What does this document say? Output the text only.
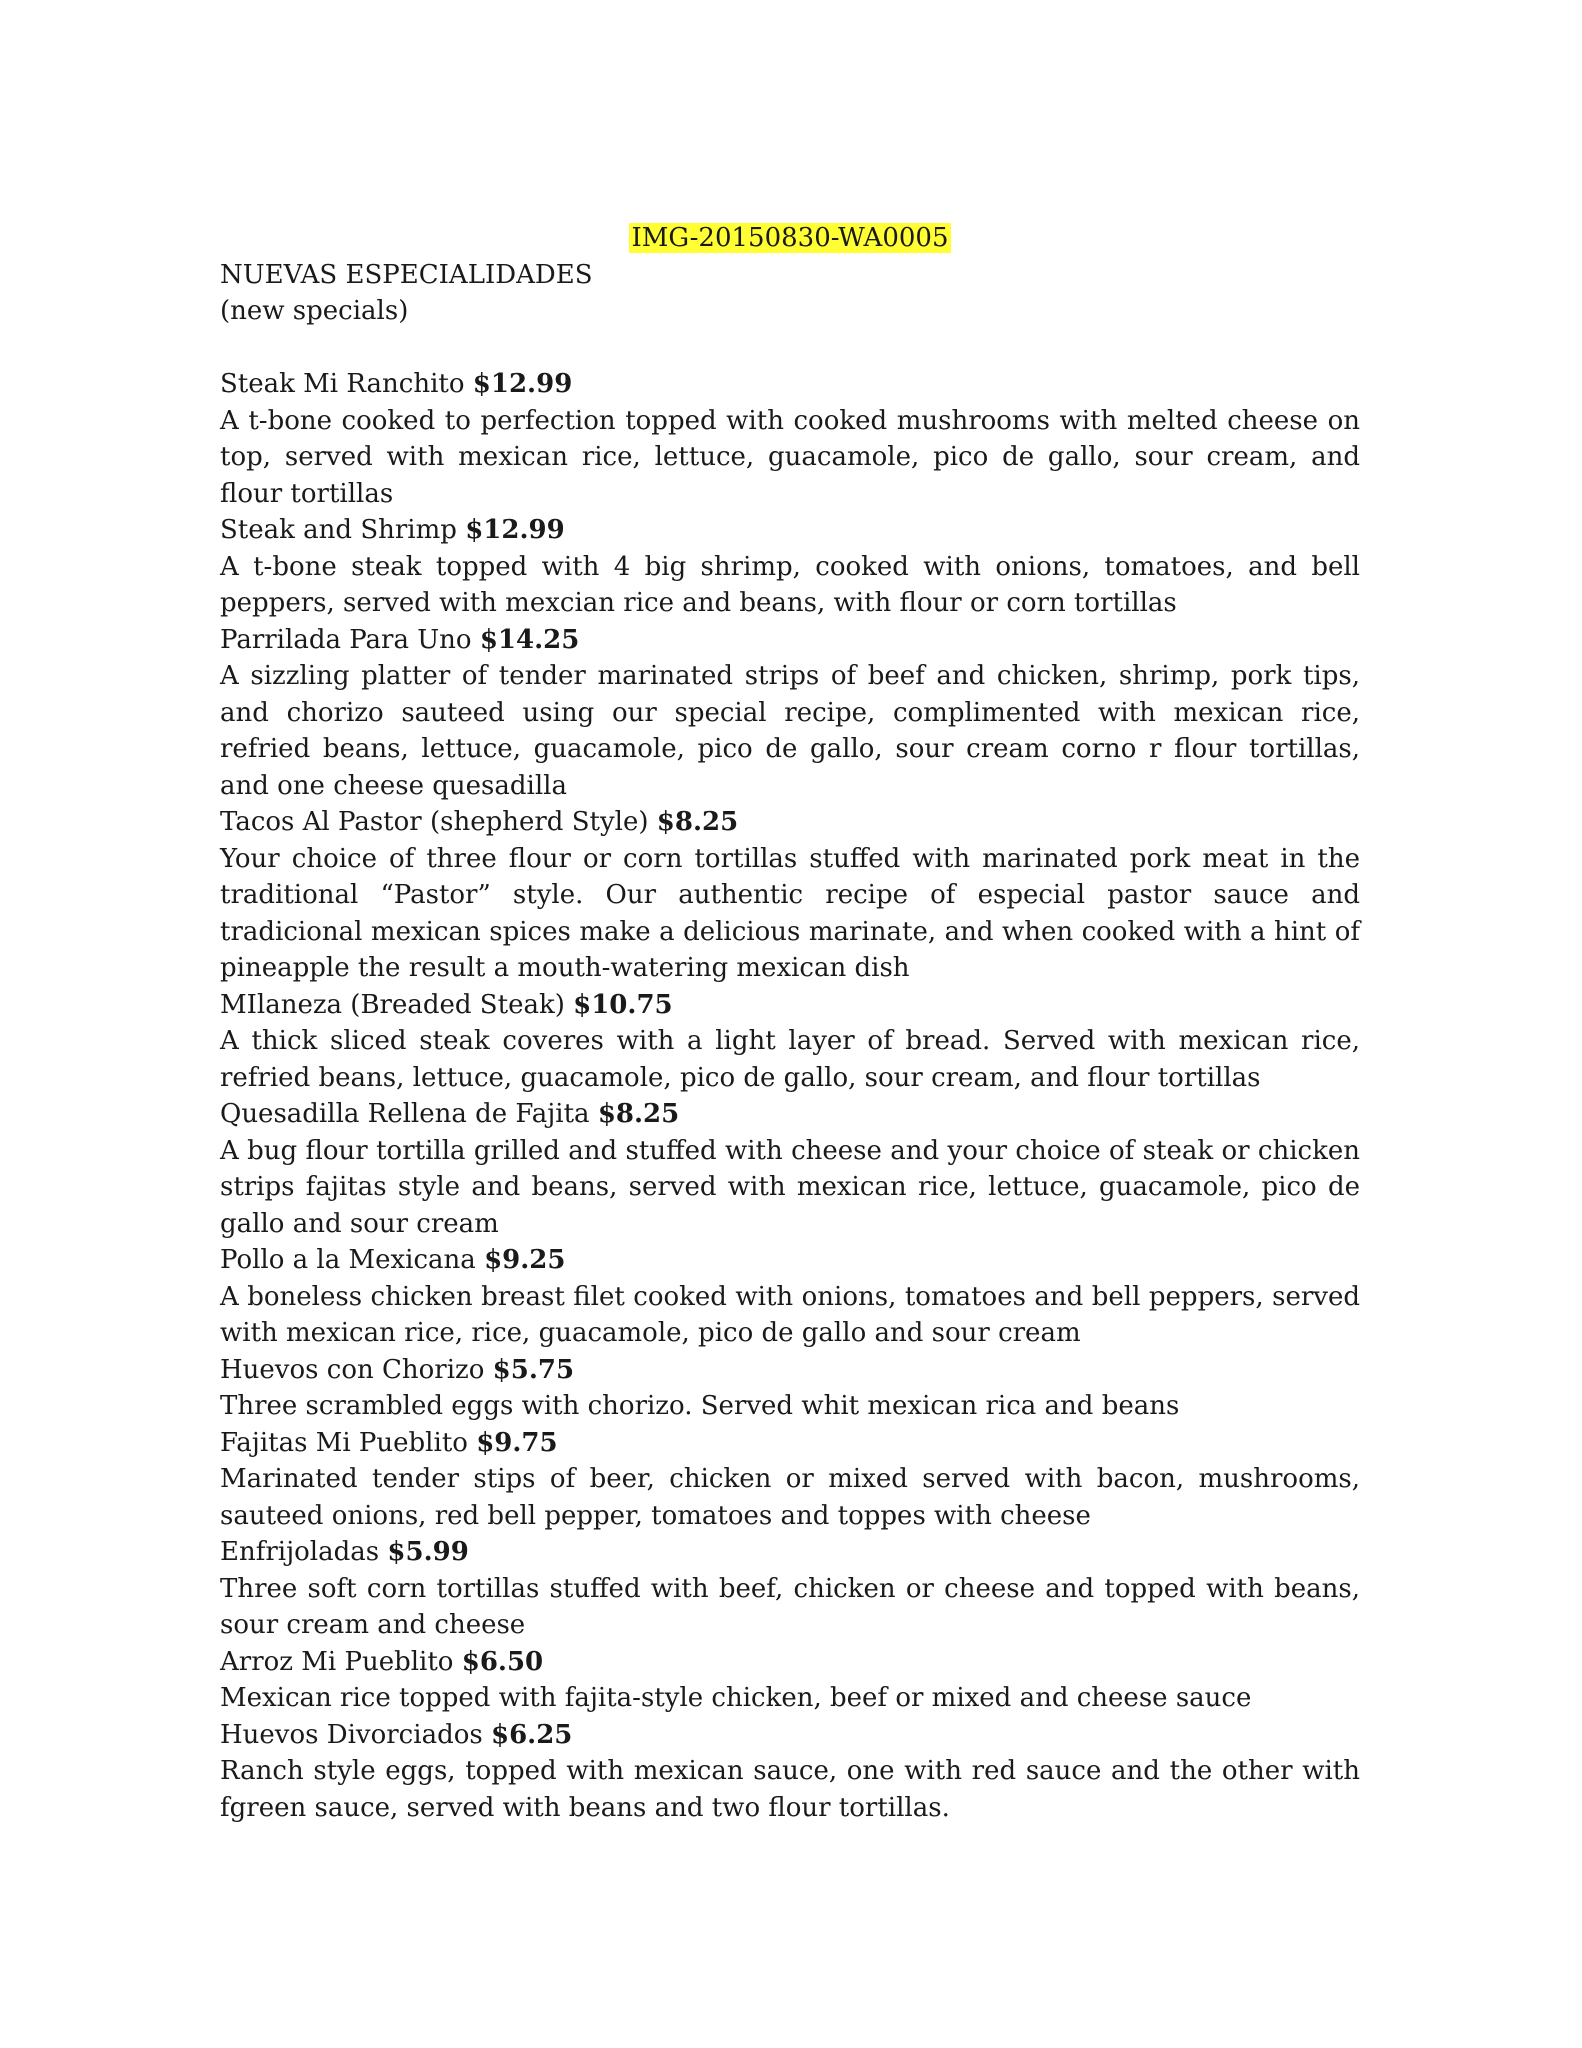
IMG-20150830-WA0005
NUEVAS ESPECIALIDADES
(new specials)
Steak Mi Ranchito $12.99
A t-bone cooked to perfection topped with cooked mushrooms with melted cheese on top, served with mexican rice, lettuce, guacamole, pico de gallo, sour cream, and flour tortillas
Steak and Shrimp $12.99
A t-bone steak topped with 4 big shrimp, cooked with onions, tomatoes, and bell peppers, served with mexcian rice and beans, with flour or corn tortillas
Parrilada Para Uno $14.25
A sizzling platter of tender marinated strips of beef and chicken, shrimp, pork tips, and chorizo sauteed using our special recipe, complimented with mexican rice, refried beans, lettuce, guacamole, pico de gallo, sour cream corno r flour tortillas, and one cheese quesadilla
Tacos Al Pastor (shepherd Style) $8.25
Your choice of three flour or corn tortillas stuffed with marinated pork meat in the traditional “Pastor” style. Our authentic recipe of especial pastor sauce and tradicional mexican spices make a delicious marinate, and when cooked with a hint of pineapple the result a mouth-watering mexican dish
MIlaneza (Breaded Steak) $10.75
A thick sliced steak coveres with a light layer of bread. Served with mexican rice, refried beans, lettuce, guacamole, pico de gallo, sour cream, and flour tortillas
Quesadilla Rellena de Fajita $8.25
A bug flour tortilla grilled and stuffed with cheese and your choice of steak or chicken strips fajitas style and beans, served with mexican rice, lettuce, guacamole, pico de gallo and sour cream
Pollo a la Mexicana $9.25
A boneless chicken breast filet cooked with onions, tomatoes and bell peppers, served with mexican rice, rice, guacamole, pico de gallo and sour cream
Huevos con Chorizo $5.75
Three scrambled eggs with chorizo. Served whit mexican rica and beans
Fajitas Mi Pueblito $9.75
Marinated tender stips of beer, chicken or mixed served with bacon, mushrooms, sauteed onions, red bell pepper, tomatoes and toppes with cheese
Enfrijoladas $5.99
Three soft corn tortillas stuffed with beef, chicken or cheese and topped with beans, sour cream and cheese
Arroz Mi Pueblito $6.50
Mexican rice topped with fajita-style chicken, beef or mixed and cheese sauce
Huevos Divorciados $6.25
Ranch style eggs, topped with mexican sauce, one with red sauce and the other with fgreen sauce, served with beans and two flour tortillas.
